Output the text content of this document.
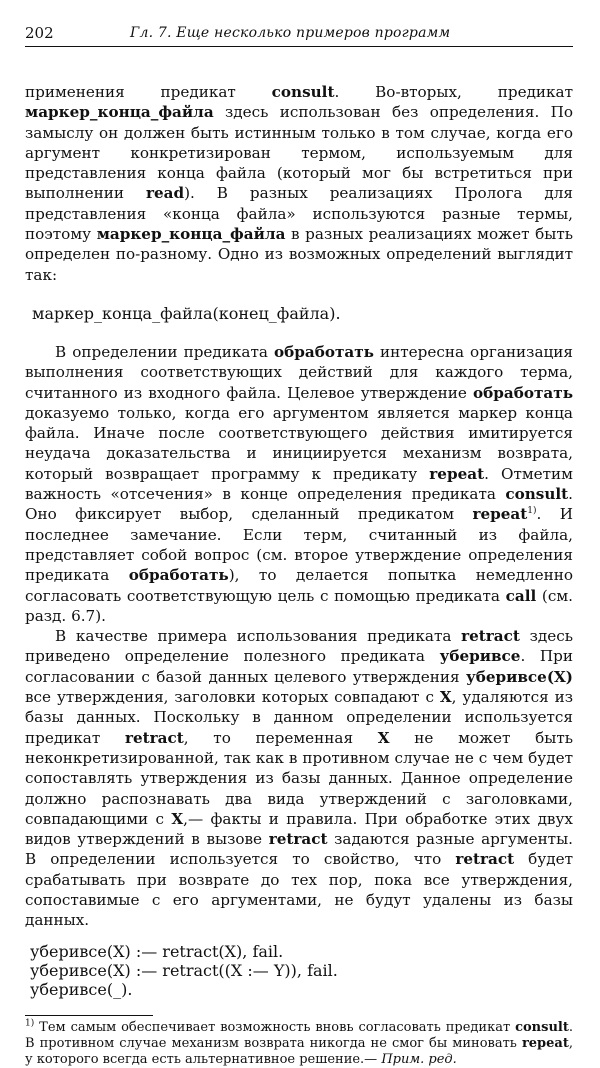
202	Гл. 7. Еще несколько примеров программ

применения предикат consult. Во-вторых, предикат маркер_конца_файла здесь использован без определения. По замыслу он должен быть истинным только в том случае, когда его аргумент конкретизирован термом, используемым для представления конца файла (который мог бы встретиться при выполнении read). В разных реализациях Пролога для представления «конца файла» используются разные термы, поэтому маркер_конца_файла в разных реализациях может быть определен по-разному. Одно из возможных определений выглядит так:

маркер_конца_файла(конец_файла).

В определении предиката обработать интересна организация выполнения соответствующих действий для каждого терма, считанного из входного файла. Целевое утверждение обработать доказуемо только, когда его аргументом является маркер конца файла. Иначе после соответствующего действия имитируется неудача доказательства и инициируется механизм возврата, который возвращает программу к предикату repeat. Отметим важность «отсечения» в конце определения предиката consult. Оно фиксирует выбор, сделанный предикатом repeat$^{1)}$. И последнее замечание. Если терм, считанный из файла, представляет собой вопрос (см. второе утверждение определения предиката обработать), то делается попытка немедленно согласовать соответствующую цель с помощью предиката call (см. разд. 6.7).

В качестве примера использования предиката retract здесь приведено определение полезного предиката уберивсе. При согласовании с базой данных целевого утверждения уберивсе(X) все утверждения, заголовки которых совпадают с X, удаляются из базы данных. Поскольку в данном определении используется предикат retract, то переменная X не может быть неконкретизированной, так как в противном случае не с чем будет сопоставлять утверждения из базы данных. Данное определение должно распознавать два вида утверждений с заголовками, совпадающими с X,— факты и правила. При обработке этих двух видов утверждений в вызове retract задаются разные аргументы. В определении используется то свойство, что retract будет срабатывать при возврате до тех пор, пока все утверждения, сопоставимые с его аргументами, не будут удалены из базы данных.

уберивсе(X) :— retract(X), fail.
уберивсе(X) :— retract((X :— Y)), fail.
уберивсе(_).

$^{1)}$ Тем самым обеспечивает возможность вновь согласовать предикат consult. В противном случае механизм возврата никогда не смог бы миновать repeat, у которого всегда есть альтернативное решение.— Прим. ред.
